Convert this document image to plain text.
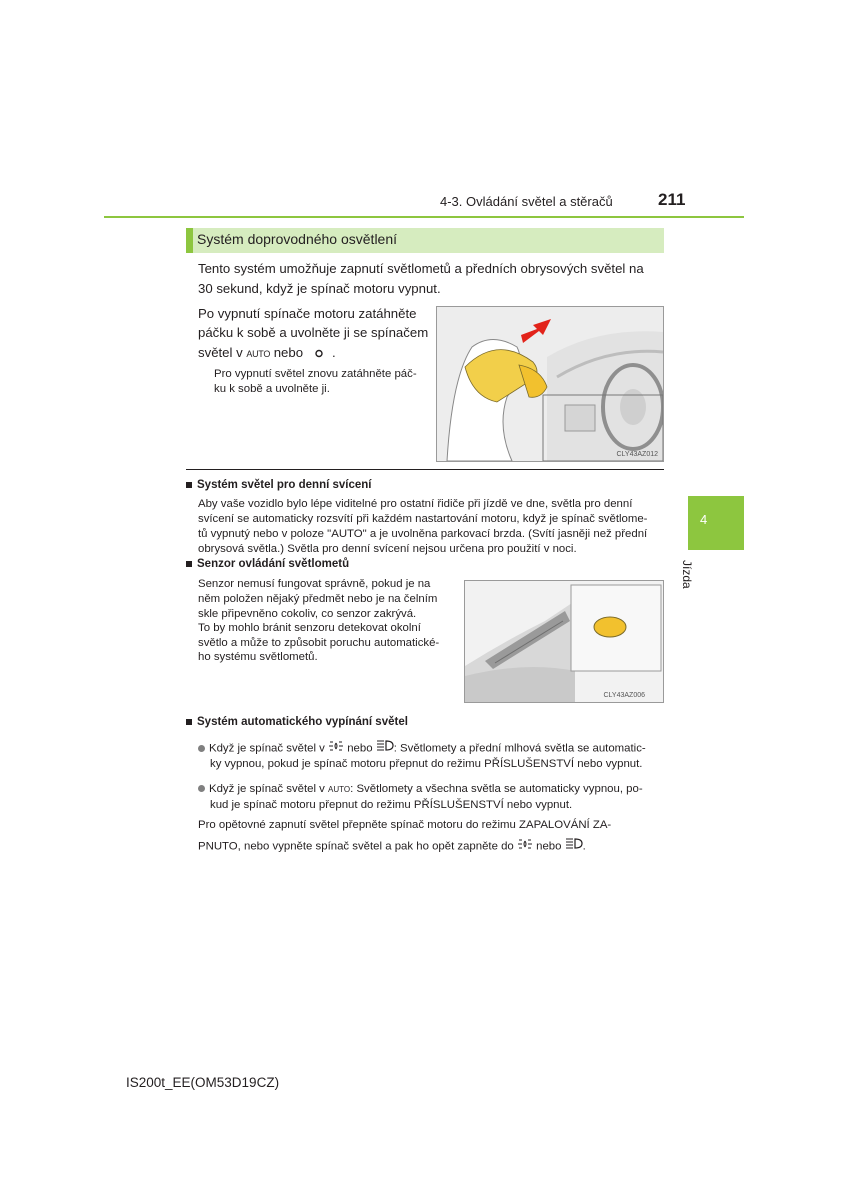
4-3. Ovládání světel a stěračů	211
4
Jízda
Systém doprovodného osvětlení
Tento systém umožňuje zapnutí světlometů a předních obrysových světel na
30 sekund, když je spínač motoru vypnut.
Po vypnutí spínače motoru zatáhněte
páčku k sobě a uvolněte ji se spínačem
světel v AUTO nebo   .
Pro vypnutí světel znovu zatáhněte páč-
ku k sobě a uvolněte ji.
CLY43AZ012
Systém světel pro denní svícení
Aby vaše vozidlo bylo lépe viditelné pro ostatní řidiče při jízdě ve dne, světla pro denní
svícení se automaticky rozsvítí při každém nastartování motoru, když je spínač světlome-
tů vypnutý nebo v poloze "AUTO" a je uvolněna parkovací brzda. (Svítí jasněji než přední
obrysová světla.) Světla pro denní svícení nejsou určena pro použití v noci.
Senzor ovládání světlometů
Senzor nemusí fungovat správně, pokud je na
něm položen nějaký předmět nebo je na čelním
skle připevněno cokoliv, co senzor zakrývá.
To by mohlo bránit senzoru detekovat okolní
světlo a může to způsobit poruchu automatické-
ho systému světlometů.
CLY43AZ006
Systém automatického vypínání světel
Když je spínač světel v nebo : Světlomety a přední mlhová světla se automatic-
ky vypnou, pokud je spínač motoru přepnut do režimu PŘÍSLUŠENSTVÍ nebo vypnut.
Když je spínač světel v AUTO: Světlomety a všechna světla se automaticky vypnou, po-
kud je spínač motoru přepnut do režimu PŘÍSLUŠENSTVÍ nebo vypnut.
Pro opětovné zapnutí světel přepněte spínač motoru do režimu ZAPALOVÁNÍ ZA-
PNUTO, nebo vypněte spínač světel a pak ho opět zapněte do nebo .
IS200t_EE(OM53D19CZ)
